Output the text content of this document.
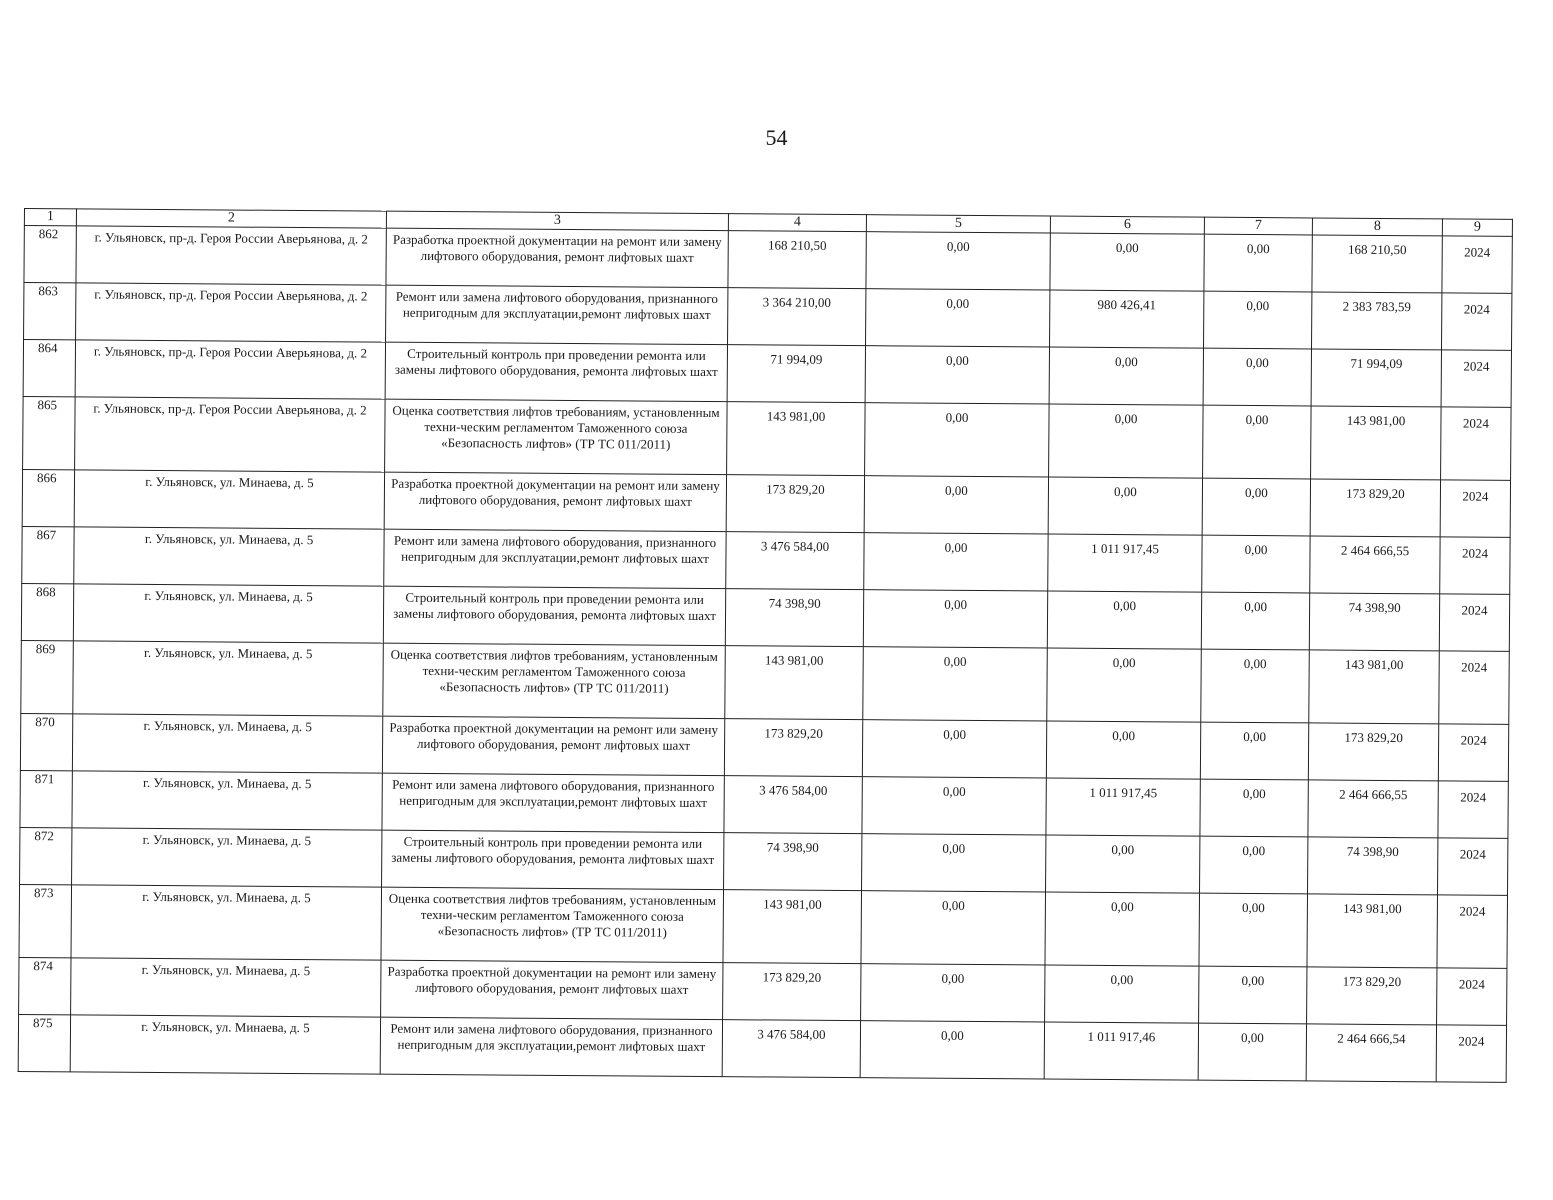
54
1	2	3	4	5	6	7	8	9
862	г. Ульяновск, пр-д. Героя России Аверьянова, д. 2	Разработка проектной документации на ремонт или замену лифтового оборудования, ремонт лифтовых шахт	168 210,50	0,00	0,00	0,00	168 210,50	2024
863	г. Ульяновск, пр-д. Героя России Аверьянова, д. 2	Ремонт или замена лифтового оборудования, признанного непригодным для эксплуатации,ремонт лифтовых шахт	3 364 210,00	0,00	980 426,41	0,00	2 383 783,59	2024
864	г. Ульяновск, пр-д. Героя России Аверьянова, д. 2	Строительный контроль при проведении ремонта или замены лифтового оборудования, ремонта лифтовых шахт	71 994,09	0,00	0,00	0,00	71 994,09	2024
865	г. Ульяновск, пр-д. Героя России Аверьянова, д. 2	Оценка соответствия лифтов требованиям, установленным техни-ческим регламентом Таможенного союза «Безопасность лифтов» (ТР ТС 011/2011)	143 981,00	0,00	0,00	0,00	143 981,00	2024
866	г. Ульяновск, ул. Минаева, д. 5	Разработка проектной документации на ремонт или замену лифтового оборудования, ремонт лифтовых шахт	173 829,20	0,00	0,00	0,00	173 829,20	2024
867	г. Ульяновск, ул. Минаева, д. 5	Ремонт или замена лифтового оборудования, признанного непригодным для эксплуатации,ремонт лифтовых шахт	3 476 584,00	0,00	1 011 917,45	0,00	2 464 666,55	2024
868	г. Ульяновск, ул. Минаева, д. 5	Строительный контроль при проведении ремонта или замены лифтового оборудования, ремонта лифтовых шахт	74 398,90	0,00	0,00	0,00	74 398,90	2024
869	г. Ульяновск, ул. Минаева, д. 5	Оценка соответствия лифтов требованиям, установленным техни-ческим регламентом Таможенного союза «Безопасность лифтов» (ТР ТС 011/2011)	143 981,00	0,00	0,00	0,00	143 981,00	2024
870	г. Ульяновск, ул. Минаева, д. 5	Разработка проектной документации на ремонт или замену лифтового оборудования, ремонт лифтовых шахт	173 829,20	0,00	0,00	0,00	173 829,20	2024
871	г. Ульяновск, ул. Минаева, д. 5	Ремонт или замена лифтового оборудования, признанного непригодным для эксплуатации,ремонт лифтовых шахт	3 476 584,00	0,00	1 011 917,45	0,00	2 464 666,55	2024
872	г. Ульяновск, ул. Минаева, д. 5	Строительный контроль при проведении ремонта или замены лифтового оборудования, ремонта лифтовых шахт	74 398,90	0,00	0,00	0,00	74 398,90	2024
873	г. Ульяновск, ул. Минаева, д. 5	Оценка соответствия лифтов требованиям, установленным техни-ческим регламентом Таможенного союза «Безопасность лифтов» (ТР ТС 011/2011)	143 981,00	0,00	0,00	0,00	143 981,00	2024
874	г. Ульяновск, ул. Минаева, д. 5	Разработка проектной документации на ремонт или замену лифтового оборудования, ремонт лифтовых шахт	173 829,20	0,00	0,00	0,00	173 829,20	2024
875	г. Ульяновск, ул. Минаева, д. 5	Ремонт или замена лифтового оборудования, признанного непригодным для эксплуатации,ремонт лифтовых шахт	3 476 584,00	0,00	1 011 917,46	0,00	2 464 666,54	2024
